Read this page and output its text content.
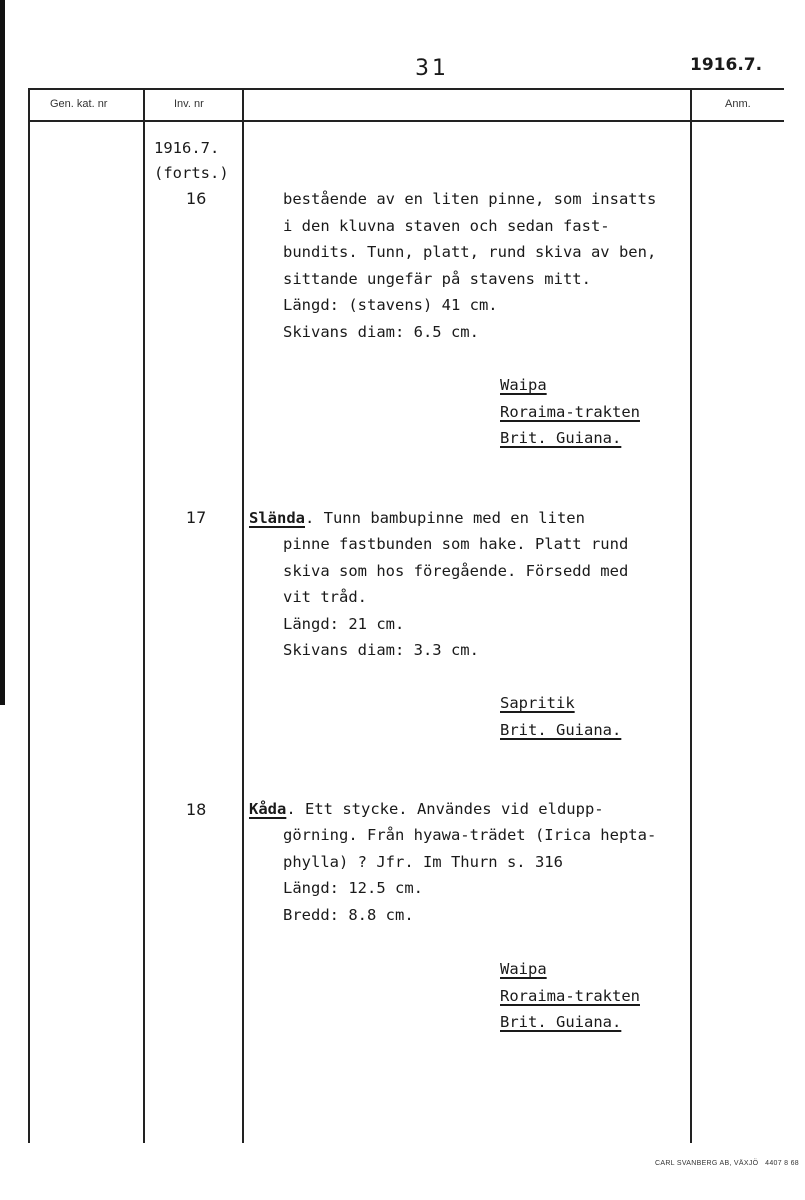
31	1916.7.
Gen. kat. nr	Inv. nr	Anm.
1916.7.
(forts.)
16	bestående av en liten pinne, som insatts
i den kluvna staven och sedan fast-
bundits. Tunn, platt, rund skiva av ben,
sittande ungefär på stavens mitt.
Längd: (stavens) 41 cm.
Skivans diam: 6.5 cm.
Waipa
Roraima-trakten
Brit. Guiana.
17	Slända. Tunn bambupinne med en liten
pinne fastbunden som hake. Platt rund
skiva som hos föregående. Försedd med
vit tråd.
Längd: 21 cm.
Skivans diam: 3.3 cm.
Sapritik
Brit. Guiana.
18	Kåda. Ett stycke. Användes vid eldupp-
görning. Från hyawa-trädet (Irica hepta-
phylla) ? Jfr. Im Thurn s. 316
Längd: 12.5 cm.
Bredd: 8.8 cm.
Waipa
Roraima-trakten
Brit. Guiana.
CARL SVANBERG AB, VÄXJÖ 4407 8 68
